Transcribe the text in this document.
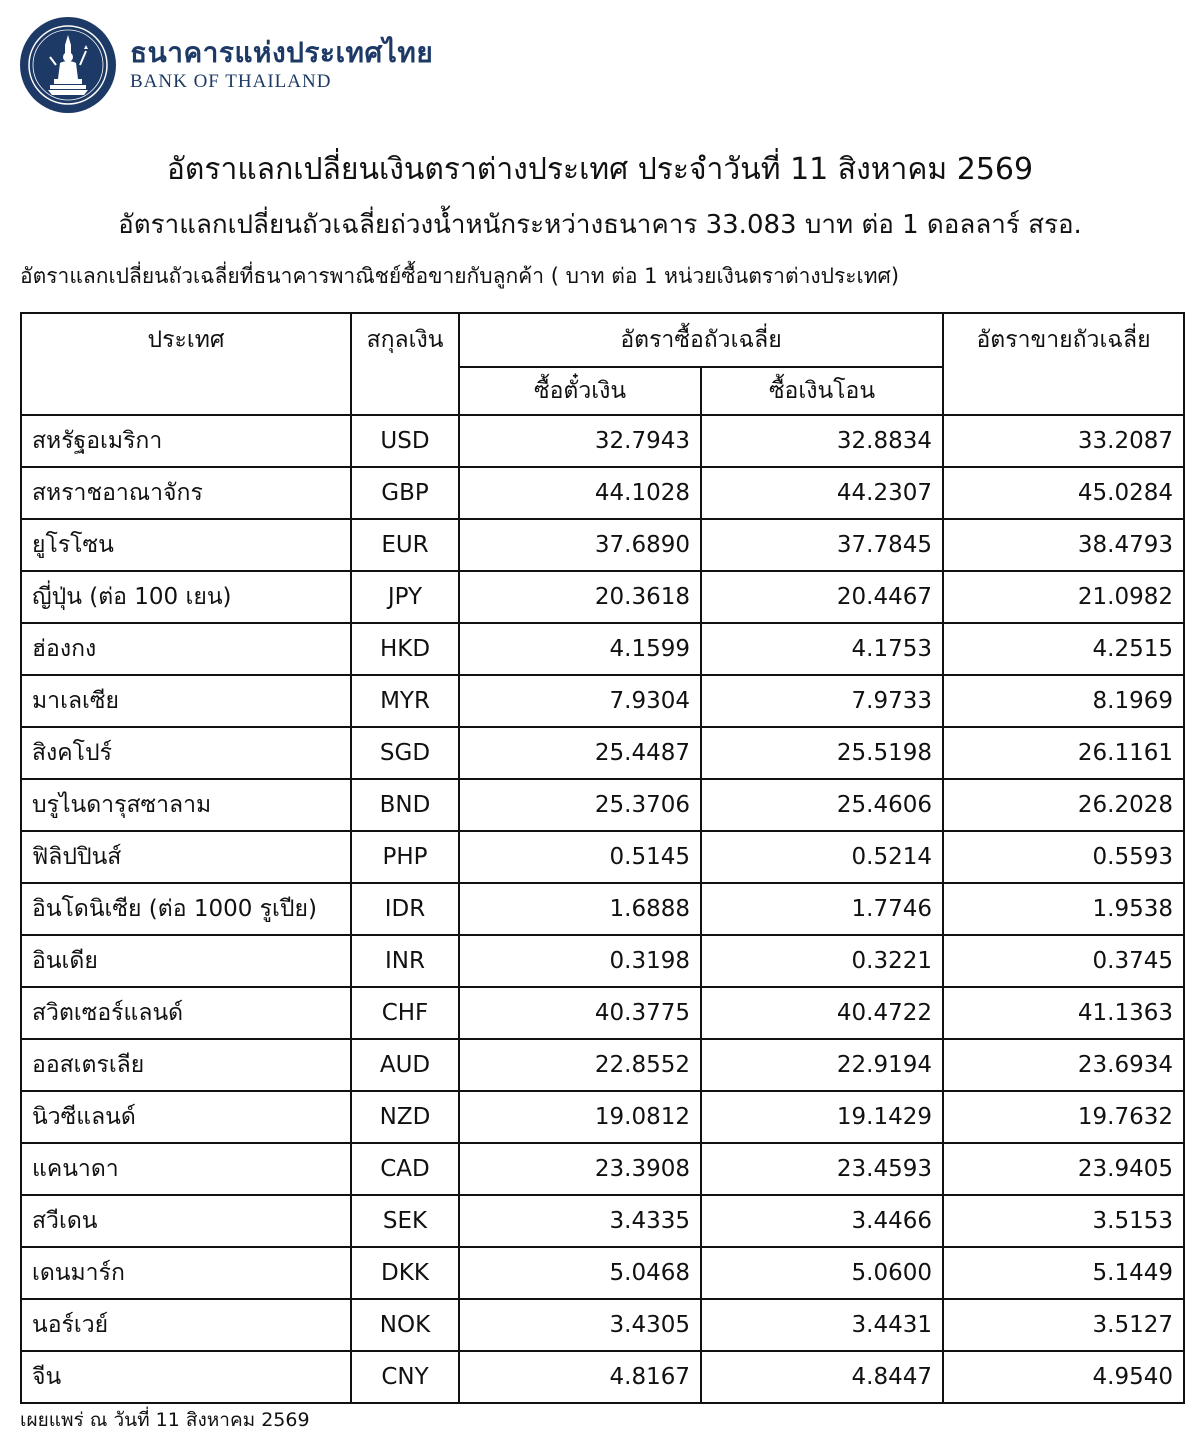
ธนาคารแห่งประเทศไทย
BANK OF THAILAND
อัตราแลกเปลี่ยนเงินตราต่างประเทศ ประจำวันที่ 11 สิงหาคม 2569
อัตราแลกเปลี่ยนถัวเฉลี่ยถ่วงน้ำหนักระหว่างธนาคาร 33.083 บาท ต่อ 1 ดอลลาร์ สรอ.
อัตราแลกเปลี่ยนถัวเฉลี่ยที่ธนาคารพาณิชย์ซื้อขายกับลูกค้า ( บาท ต่อ 1 หน่วยเงินตราต่างประเทศ)
ประเทศ	สกุลเงิน	อัตราซื้อถัวเฉลี่ย		อัตราขายถัวเฉลี่ย
		ซื้อตั๋วเงิน	ซื้อเงินโอน	
สหรัฐอเมริกา	USD	32.7943	32.8834	33.2087
สหราชอาณาจักร	GBP	44.1028	44.2307	45.0284
ยูโรโซน	EUR	37.6890	37.7845	38.4793
ญี่ปุ่น (ต่อ 100 เยน)	JPY	20.3618	20.4467	21.0982
ฮ่องกง	HKD	4.1599	4.1753	4.2515
มาเลเซีย	MYR	7.9304	7.9733	8.1969
สิงคโปร์	SGD	25.4487	25.5198	26.1161
บรูไนดารุสซาลาม	BND	25.3706	25.4606	26.2028
ฟิลิปปินส์	PHP	0.5145	0.5214	0.5593
อินโดนิเซีย (ต่อ 1000 รูเปีย)	IDR	1.6888	1.7746	1.9538
อินเดีย	INR	0.3198	0.3221	0.3745
สวิตเซอร์แลนด์	CHF	40.3775	40.4722	41.1363
ออสเตรเลีย	AUD	22.8552	22.9194	23.6934
นิวซีแลนด์	NZD	19.0812	19.1429	19.7632
แคนาดา	CAD	23.3908	23.4593	23.9405
สวีเดน	SEK	3.4335	3.4466	3.5153
เดนมาร์ก	DKK	5.0468	5.0600	5.1449
นอร์เวย์	NOK	3.4305	3.4431	3.5127
จีน	CNY	4.8167	4.8447	4.9540
เผยแพร่ ณ วันที่ 11 สิงหาคม 2569
